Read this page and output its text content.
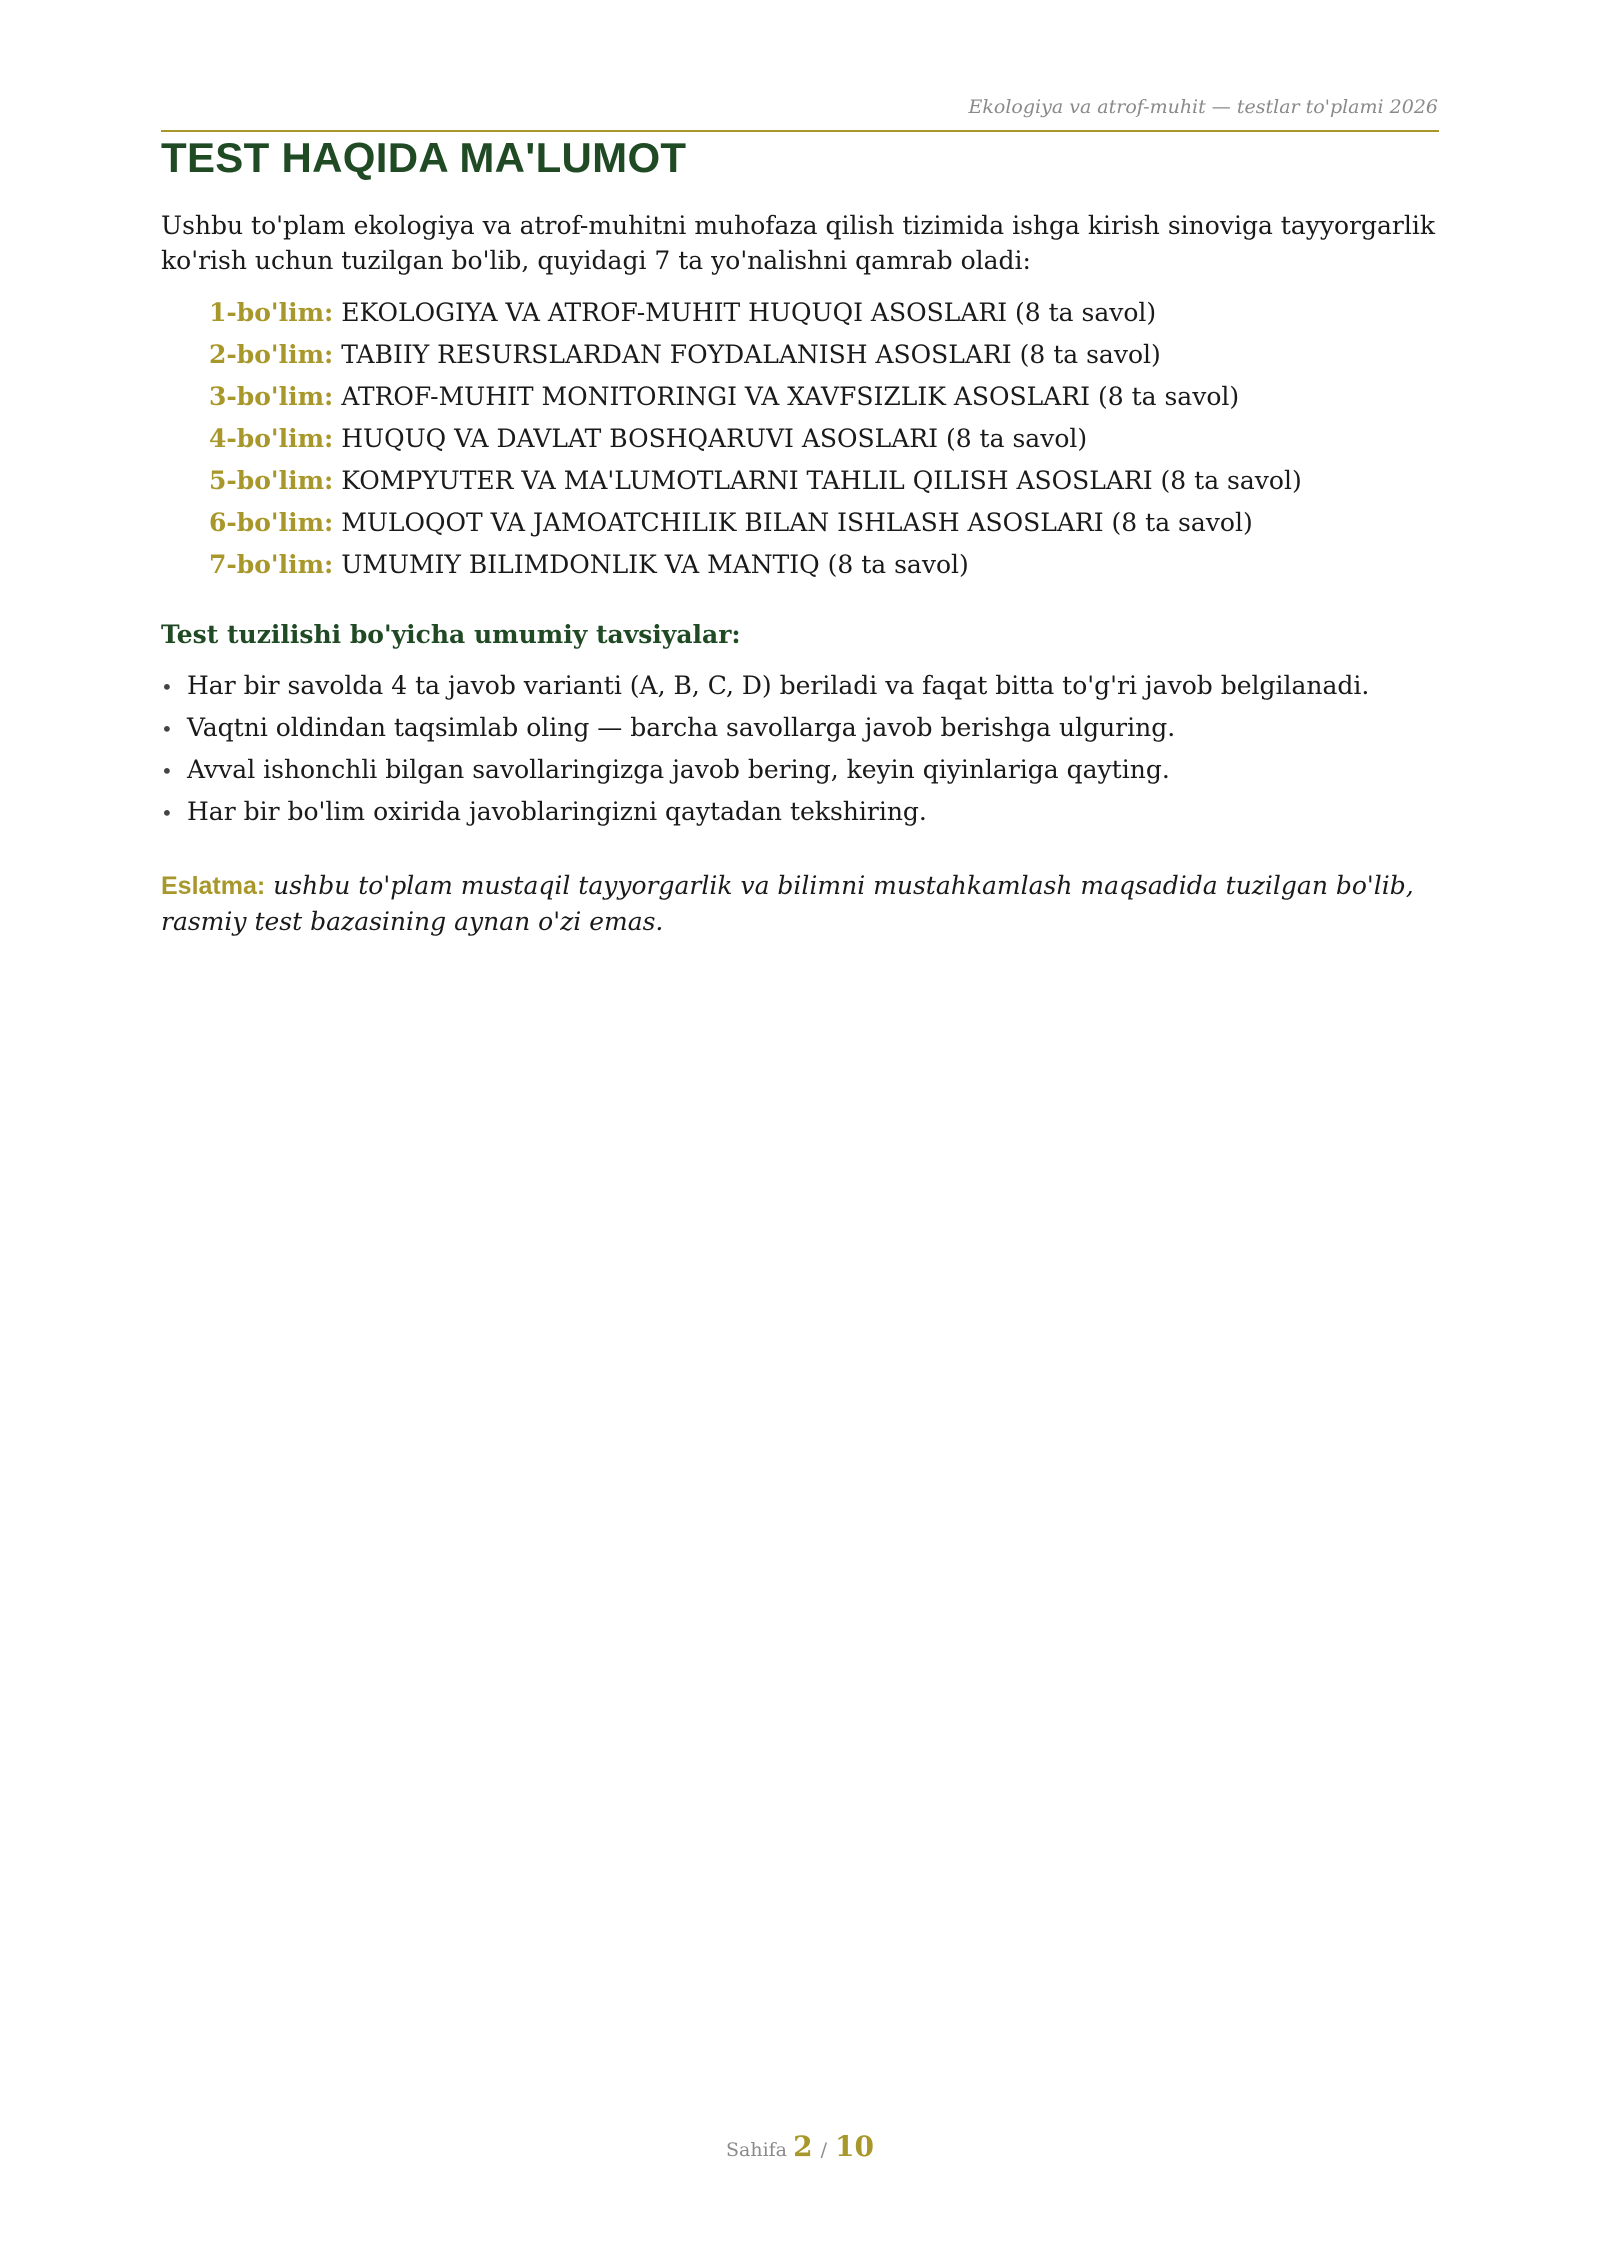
Ekologiya va atrof-muhit — testlar to'plami 2026
TEST HAQIDA MA'LUMOT

Ushbu to'plam ekologiya va atrof-muhitni muhofaza qilish tizimida ishga kirish sinoviga tayyorgarlik ko'rish uchun tuzilgan bo'lib, quyidagi 7 ta yo'nalishni qamrab oladi:

1-bo'lim: EKOLOGIYA VA ATROF-MUHIT HUQUQI ASOSLARI (8 ta savol)
2-bo'lim: TABIIY RESURSLARDAN FOYDALANISH ASOSLARI (8 ta savol)
3-bo'lim: ATROF-MUHIT MONITORINGI VA XAVFSIZLIK ASOSLARI (8 ta savol)
4-bo'lim: HUQUQ VA DAVLAT BOSHQARUVI ASOSLARI (8 ta savol)
5-bo'lim: KOMPYUTER VA MA'LUMOTLARNI TAHLIL QILISH ASOSLARI (8 ta savol)
6-bo'lim: MULOQOT VA JAMOATCHILIK BILAN ISHLASH ASOSLARI (8 ta savol)
7-bo'lim: UMUMIY BILIMDONLIK VA MANTIQ (8 ta savol)
Test tuzilishi bo'yicha umumiy tavsiyalar:
• Har bir savolda 4 ta javob varianti (A, B, C, D) beriladi va faqat bitta to'g'ri javob belgilanadi.
• Vaqtni oldindan taqsimlab oling — barcha savollarga javob berishga ulguring.
• Avval ishonchli bilgan savollaringizga javob bering, keyin qiyinlariga qayting.
• Har bir bo'lim oxirida javoblaringizni qaytadan tekshiring.

Eslatma: ushbu to'plam mustaqil tayyorgarlik va bilimni mustahkamlash maqsadida tuzilgan bo'lib, rasmiy test bazasining aynan o'zi emas.

Sahifa 2 / 10
